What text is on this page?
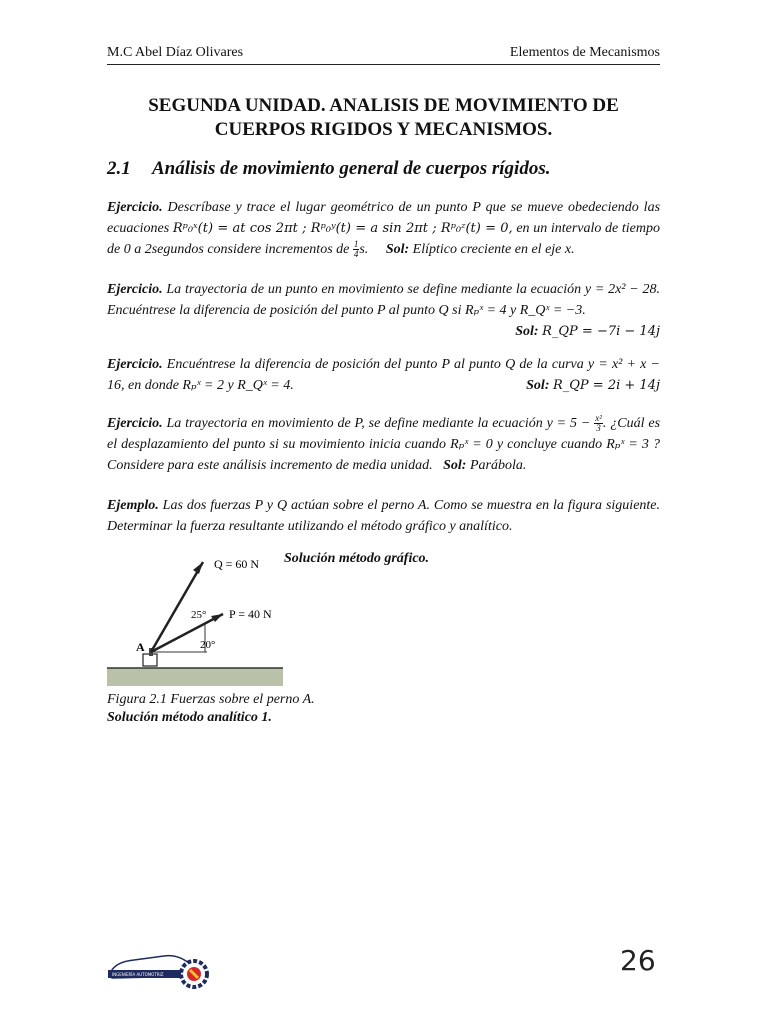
M.C Abel Díaz Olivares	Elementos de Mecanismos
SEGUNDA UNIDAD. ANALISIS DE MOVIMIENTO DE
CUERPOS RIGIDOS Y MECANISMOS.
2.1 Análisis de movimiento general de cuerpos rígidos.
Ejercicio. Descríbase y trace el lugar geométrico de un punto P que se mueve obedeciendo las ecuaciones Rᵖ₀ˣ(t) = at cos 2πt ; Rᵖ₀ʸ(t) = a sin 2πt ; Rᵖ₀ᶻ(t) = 0, en un intervalo de tiempo de 0 a 2segundos considere incrementos de $\frac{1}{4} s$. Sol: Elíptico creciente en el eje x.
Ejercicio. La trayectoria de un punto en movimiento se define mediante la ecuación y = 2x² − 28. Encuéntrese la diferencia de posición del punto P al punto Q si Rₚˣ = 4 y R_Qˣ = −3.
Sol: R_QP = −7i − 14j
Ejercicio. Encuéntrese la diferencia de posición del punto P al punto Q de la curva y = x² + x − 16, en donde Rₚˣ = 2 y R_Qˣ = 4.	Sol: R_QP = 2i + 14j
Ejercicio. La trayectoria en movimiento de P, se define mediante la ecuación $y = 5 - \frac{\text{x²}}{3}$ . ¿Cuál es el desplazamiento del punto si su movimiento inicia cuando Rₚˣ = 0 y concluye cuando Rₚˣ = 3 ? Considere para este análisis incremento de media unidad. Sol: Parábola.
Ejemplo. Las dos fuerzas P y Q actúan sobre el perno A. Como se muestra en la figura siguiente. Determinar la fuerza resultante utilizando el método gráfico y analítico.
Q = 60 N
P = 40 N
25°
20°
A
Solución método gráfico.
Figura 2.1 Fuerzas sobre el perno A.
Solución método analítico 1.
26
INGENIERÍA AUTOMOTRIZ
